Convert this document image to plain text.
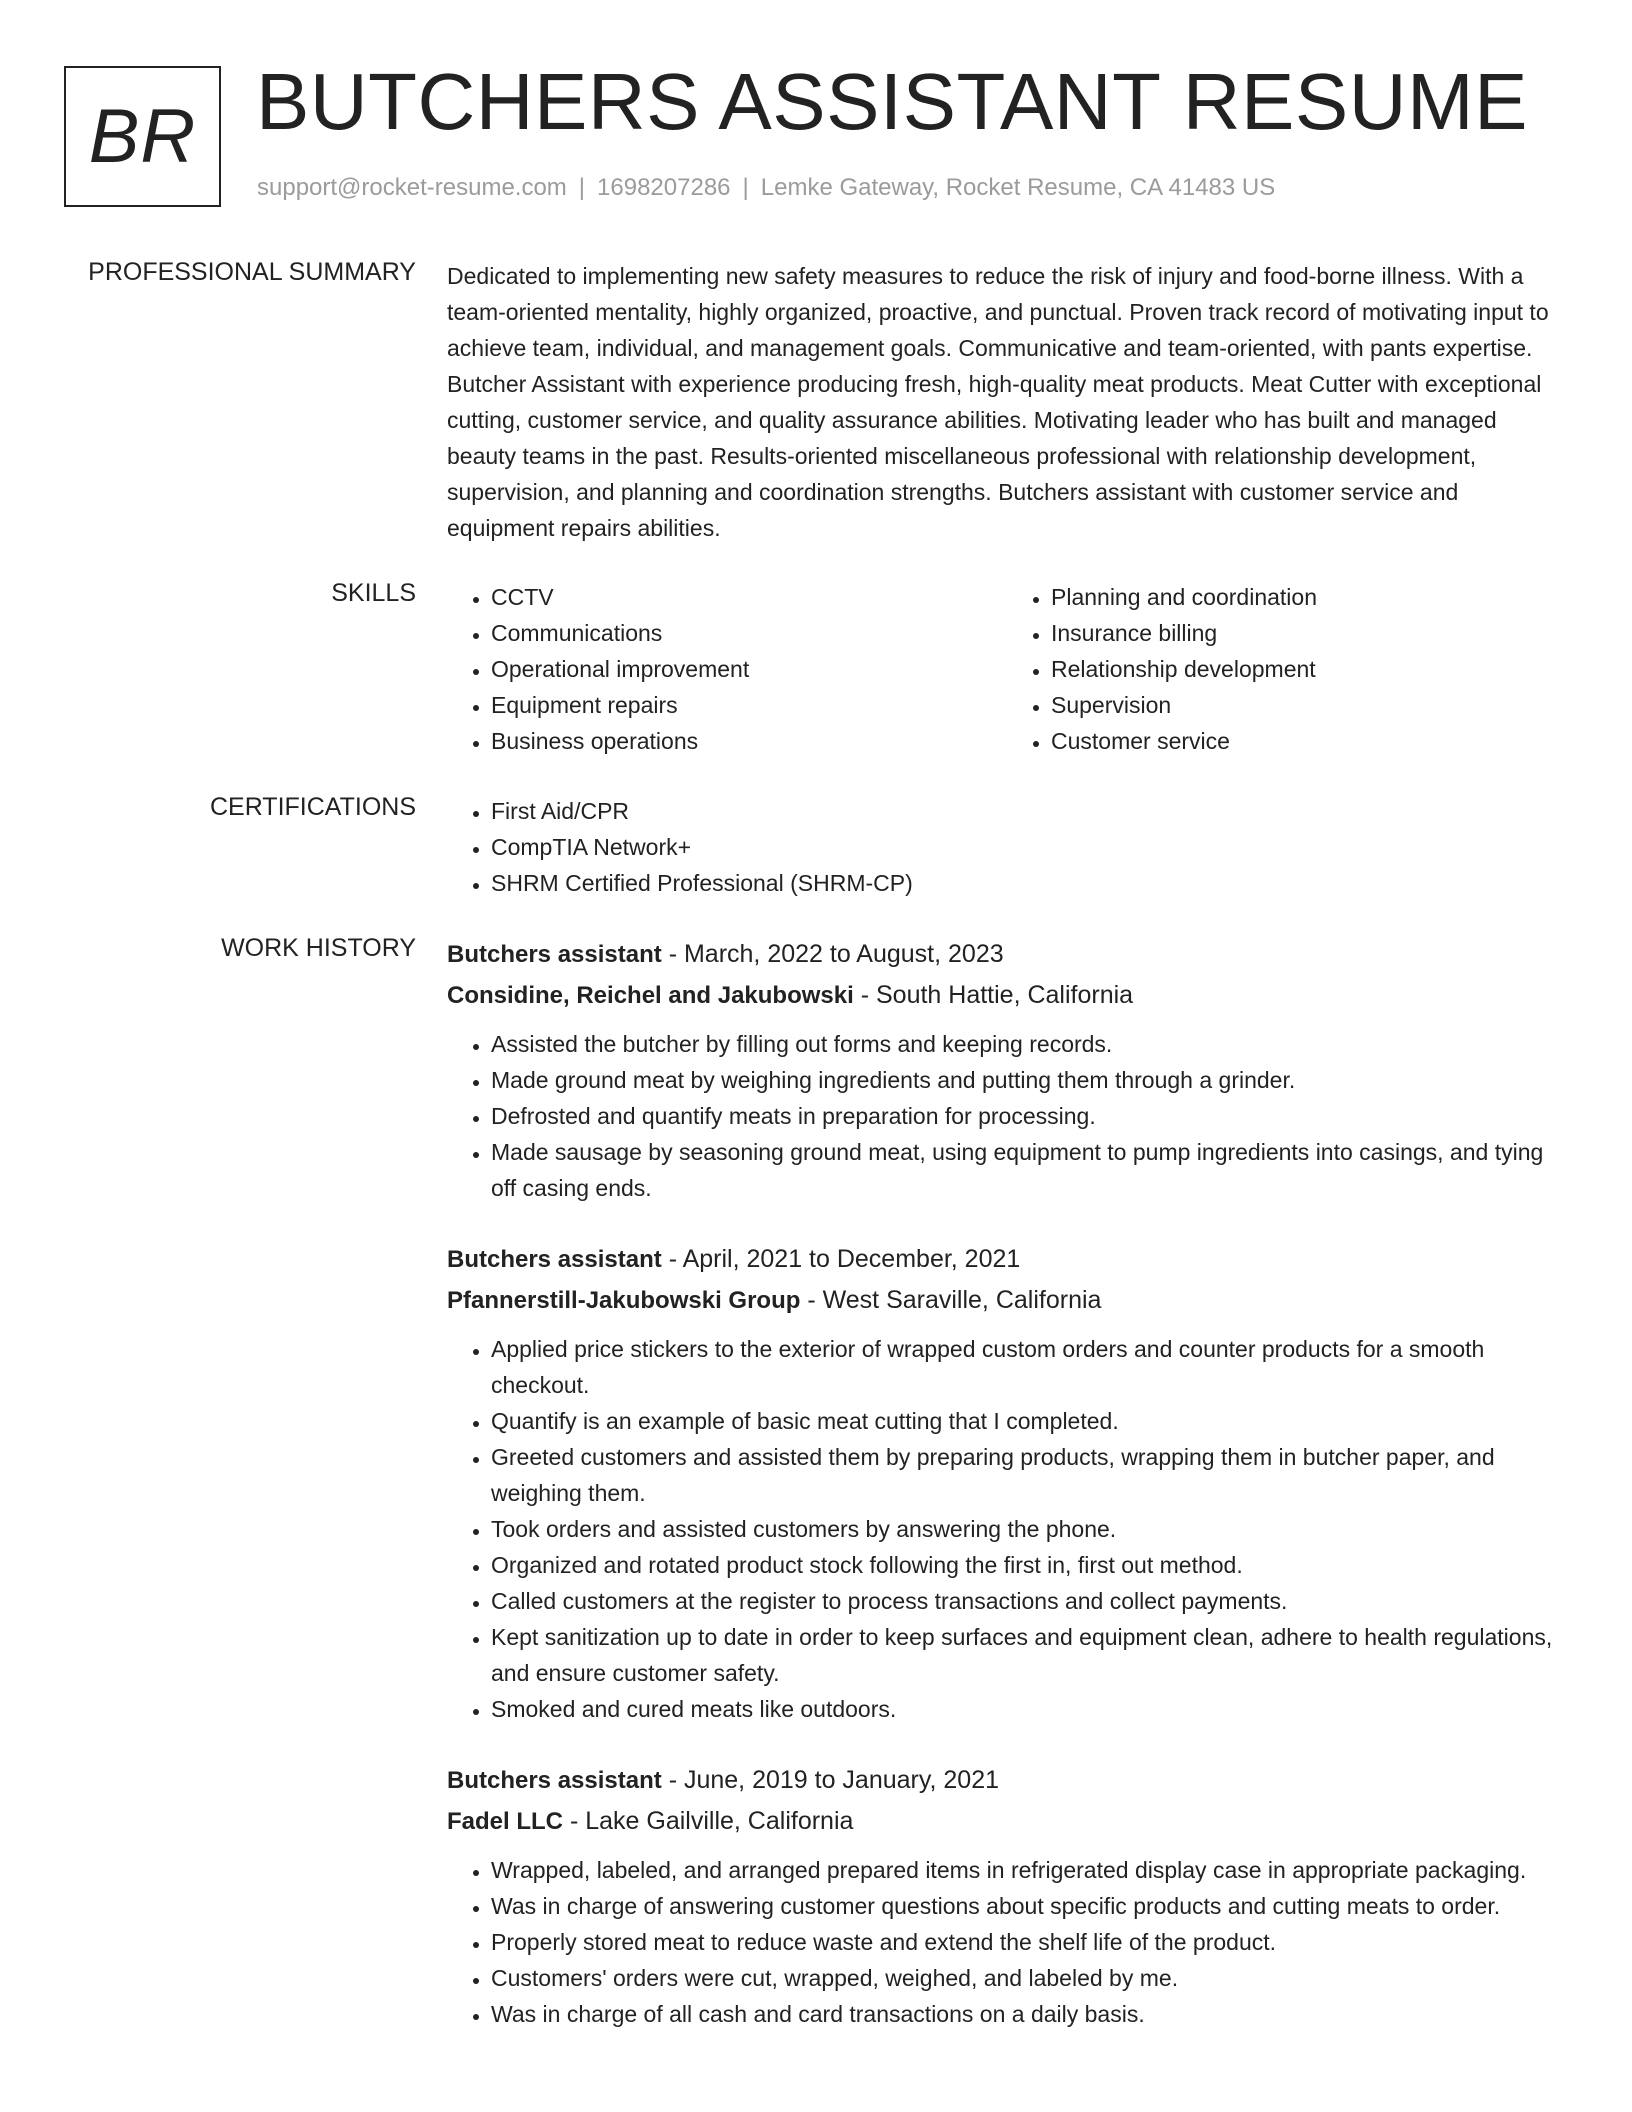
BR BUTCHERS ASSISTANT RESUME
support@rocket-resume.com | 1698207286 | Lemke Gateway, Rocket Resume, CA 41483 US
PROFESSIONAL SUMMARY Dedicated to implementing new safety measures to reduce the risk of injury and food-borne illness. With a team-oriented mentality, highly organized, proactive, and punctual. Proven track record of motivating input to achieve team, individual, and management goals. Communicative and team-oriented, with pants expertise. Butcher Assistant with experience producing fresh, high-quality meat products. Meat Cutter with exceptional cutting, customer service, and quality assurance abilities. Motivating leader who has built and managed beauty teams in the past. Results-oriented miscellaneous professional with relationship development, supervision, and planning and coordination strengths. Butchers assistant with customer service and equipment repairs abilities.

SKILLS	• CCTV
• Communications
• Operational improvement
• Equipment repairs
• Business operations
• Planning and coordination
• Insurance billing
• Relationship development
• Supervision
• Customer service
CERTIFICATIONS	• First Aid/CPR
• CompTIA Network+
• SHRM Certified Professional (SHRM-CP)
WORK HISTORY Butchers assistant - March, 2022 to August, 2023
Considine, Reichel and Jakubowski - South Hattie, California
• Assisted the butcher by filling out forms and keeping records.
• Made ground meat by weighing ingredients and putting them through a grinder.
• Defrosted and quantify meats in preparation for processing.
• Made sausage by seasoning ground meat, using equipment to pump ingredients into casings, and tying off casing ends.
Butchers assistant - April, 2021 to December, 2021
Pfannerstill-Jakubowski Group - West Saraville, California
• Applied price stickers to the exterior of wrapped custom orders and counter products for a smooth checkout.
• Quantify is an example of basic meat cutting that I completed.
• Greeted customers and assisted them by preparing products, wrapping them in butcher paper, and weighing them.
• Took orders and assisted customers by answering the phone.
• Organized and rotated product stock following the first in, first out method.
• Called customers at the register to process transactions and collect payments.
• Kept sanitization up to date in order to keep surfaces and equipment clean, adhere to health regulations, and ensure customer safety.
• Smoked and cured meats like outdoors.
Butchers assistant - June, 2019 to January, 2021
Fadel LLC - Lake Gailville, California
• Wrapped, labeled, and arranged prepared items in refrigerated display case in appropriate packaging.
• Was in charge of answering customer questions about specific products and cutting meats to order.
• Properly stored meat to reduce waste and extend the shelf life of the product.
• Customers' orders were cut, wrapped, weighed, and labeled by me.
• Was in charge of all cash and card transactions on a daily basis.
